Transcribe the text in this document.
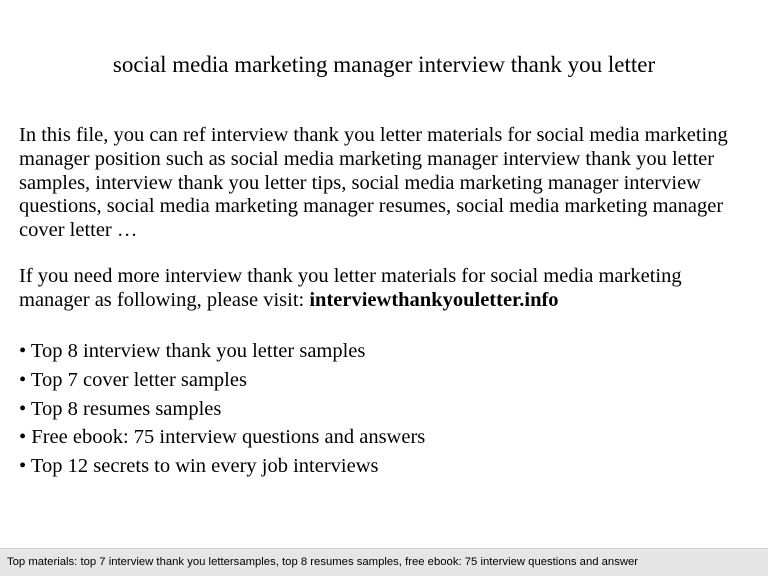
social media marketing manager interview thank you letter

In this file, you can ref interview thank you letter materials for social media marketing manager position such as social media marketing manager interview thank you letter samples, interview thank you letter tips, social media marketing manager interview questions, social media marketing manager resumes, social media marketing manager cover letter …

If you need more interview thank you letter materials for social media marketing manager as following, please visit: interviewthankyouletter.info

• Top 8 interview thank you letter samples
• Top 7 cover letter samples
• Top 8 resumes samples
• Free ebook: 75 interview questions and answers
• Top 12 secrets to win every job interviews
Top materials: top 7 interview thank you lettersamples, top 8 resumes samples, free ebook: 75 interview questions and answer
